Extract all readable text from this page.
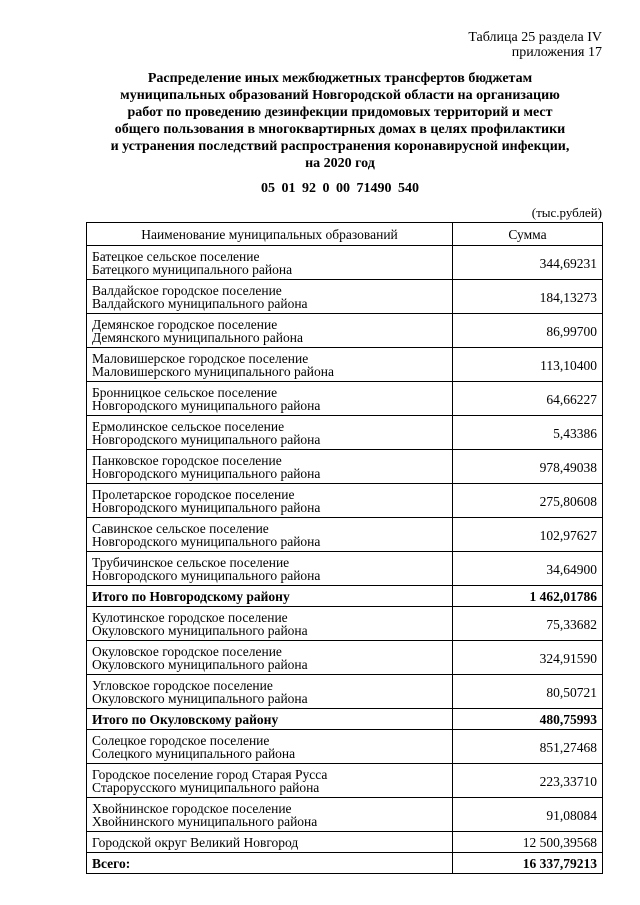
Таблица 25 раздела IV
приложения 17
Распределение иных межбюджетных трансфертов бюджетам
муниципальных образований Новгородской области на организацию
работ по проведению дезинфекции придомовых территорий и мест
общего пользования в многоквартирных домах в целях профилактики
и устранения последствий распространения коронавирусной инфекции,
на 2020 год
05 01 92 0 00 71490 540
(тыс.рублей)
Наименование муниципальных образований	Сумма

Батецкое сельское поселение
Батецкого муниципального района	344,69231

Валдайское городское поселение
Валдайского муниципального района	184,13273

Демянское городское поселение
Демянского муниципального района	86,99700

Маловишерское городское поселение
Маловишерского муниципального района	113,10400

Бронницкое сельское поселение
Новгородского муниципального района	64,66227

Ермолинское сельское поселение
Новгородского муниципального района	5,43386

Панковское городское поселение
Новгородского муниципального района	978,49038

Пролетарское городское поселение
Новгородского муниципального района	275,80608

Савинское сельское поселение
Новгородского муниципального района	102,97627

Трубичинское сельское поселение
Новгородского муниципального района	34,64900

Итого по Новгородскому району	1 462,01786

Кулотинское городское поселение
Окуловского муниципального района	75,33682

Окуловское городское поселение
Окуловского муниципального района	324,91590

Угловское городское поселение
Окуловского муниципального района	80,50721

Итого по Окуловскому району	480,75993

Солецкое городское поселение
Солецкого муниципального района	851,27468

Городское поселение город Старая Русса
Старорусского муниципального района	223,33710

Хвойнинское городское поселение
Хвойнинского муниципального района	91,08084

Городской округ Великий Новгород	12 500,39568

Всего:	16 337,79213
